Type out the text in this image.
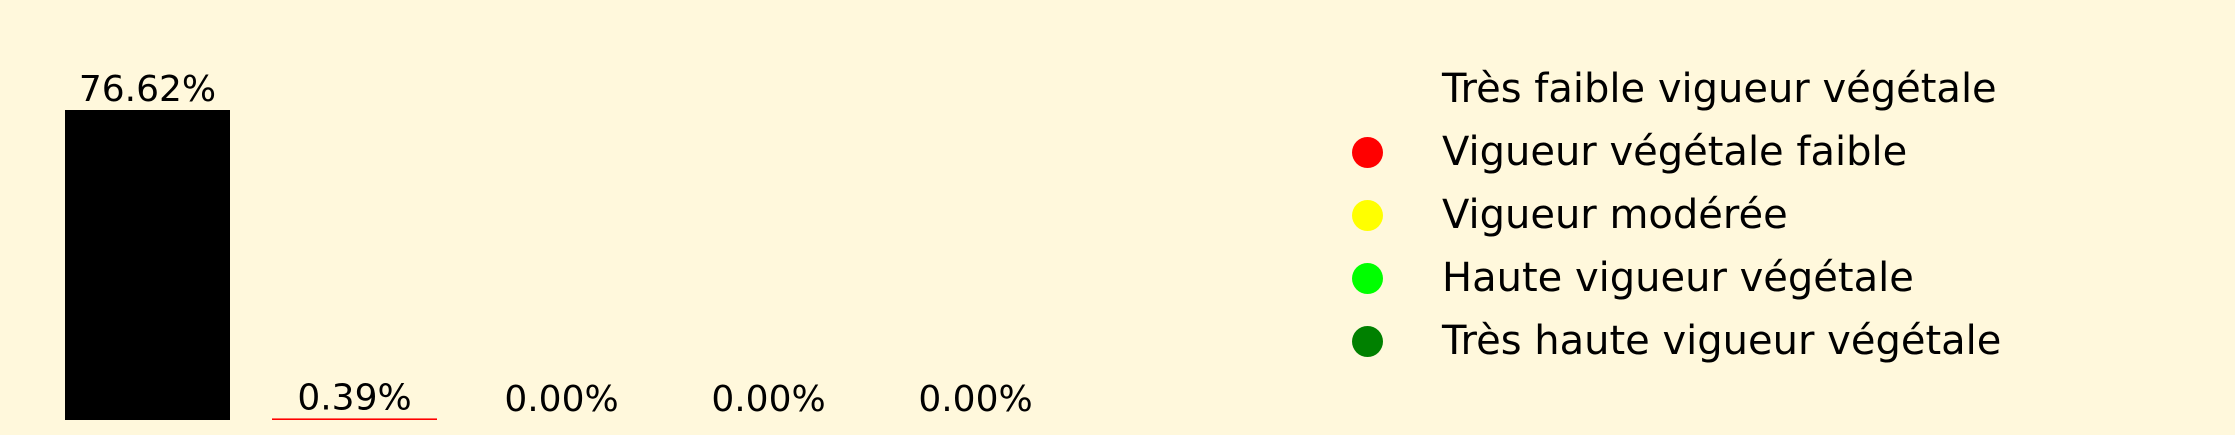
76.62%
0.39%	0.00%	0.00%	0.00%
Très faible vigueur végétale
Vigueur végétale faible
Vigueur modérée
Haute vigueur végétale
Très haute vigueur végétale
